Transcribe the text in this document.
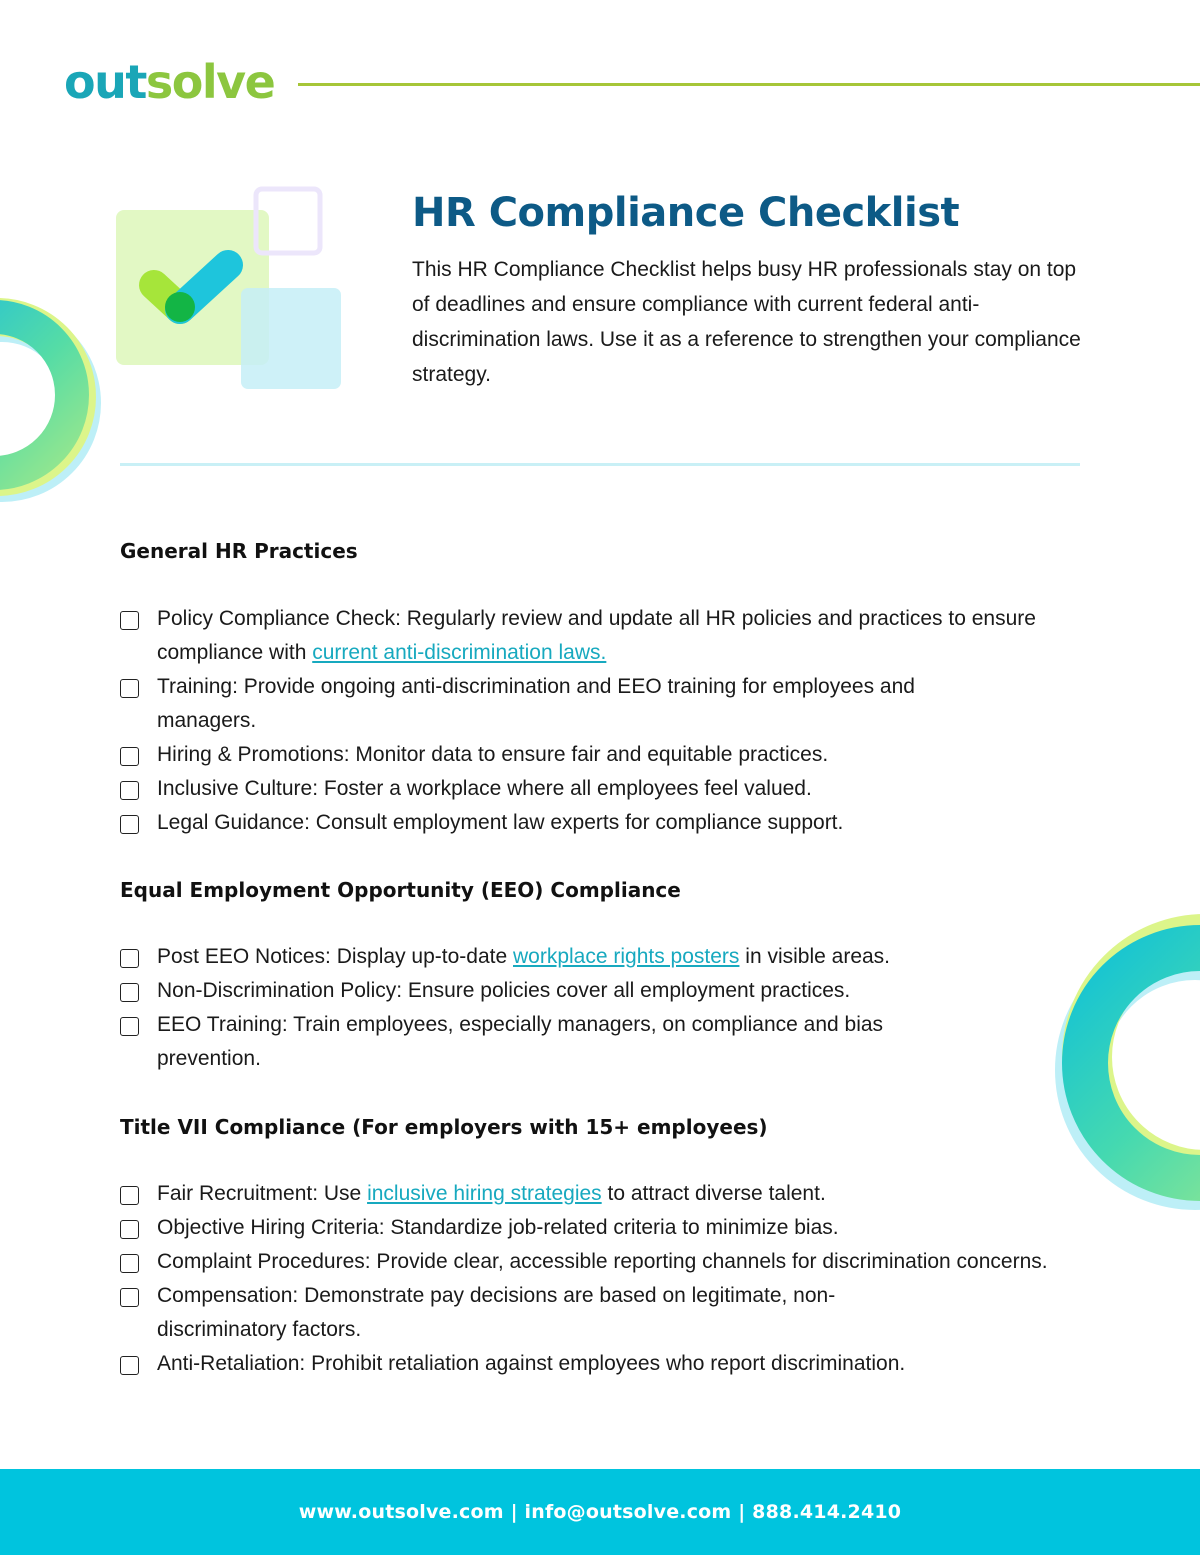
outsolve
HR Compliance Checklist

This HR Compliance Checklist helps busy HR professionals stay on top of deadlines and ensure compliance with current federal anti-discrimination laws. Use it as a reference to strengthen your compliance strategy.

General HR Practices
Policy Compliance Check: Regularly review and update all HR policies and practices to ensure compliance with current anti-discrimination laws.
Training: Provide ongoing anti-discrimination and EEO training for employees and managers.
Hiring & Promotions: Monitor data to ensure fair and equitable practices.
Inclusive Culture: Foster a workplace where all employees feel valued.
Legal Guidance: Consult employment law experts for compliance support.
Equal Employment Opportunity (EEO) Compliance
Post EEO Notices: Display up-to-date workplace rights posters in visible areas.
Non-Discrimination Policy: Ensure policies cover all employment practices.
EEO Training: Train employees, especially managers, on compliance and bias prevention.
Title VII Compliance (For employers with 15+ employees)
Fair Recruitment: Use inclusive hiring strategies to attract diverse talent.
Objective Hiring Criteria: Standardize job-related criteria to minimize bias.
Complaint Procedures: Provide clear, accessible reporting channels for discrimination concerns.
Compensation: Demonstrate pay decisions are based on legitimate, non-discriminatory factors.
Anti-Retaliation: Prohibit retaliation against employees who report discrimination.
www.outsolve.com | info@outsolve.com | 888.414.2410
